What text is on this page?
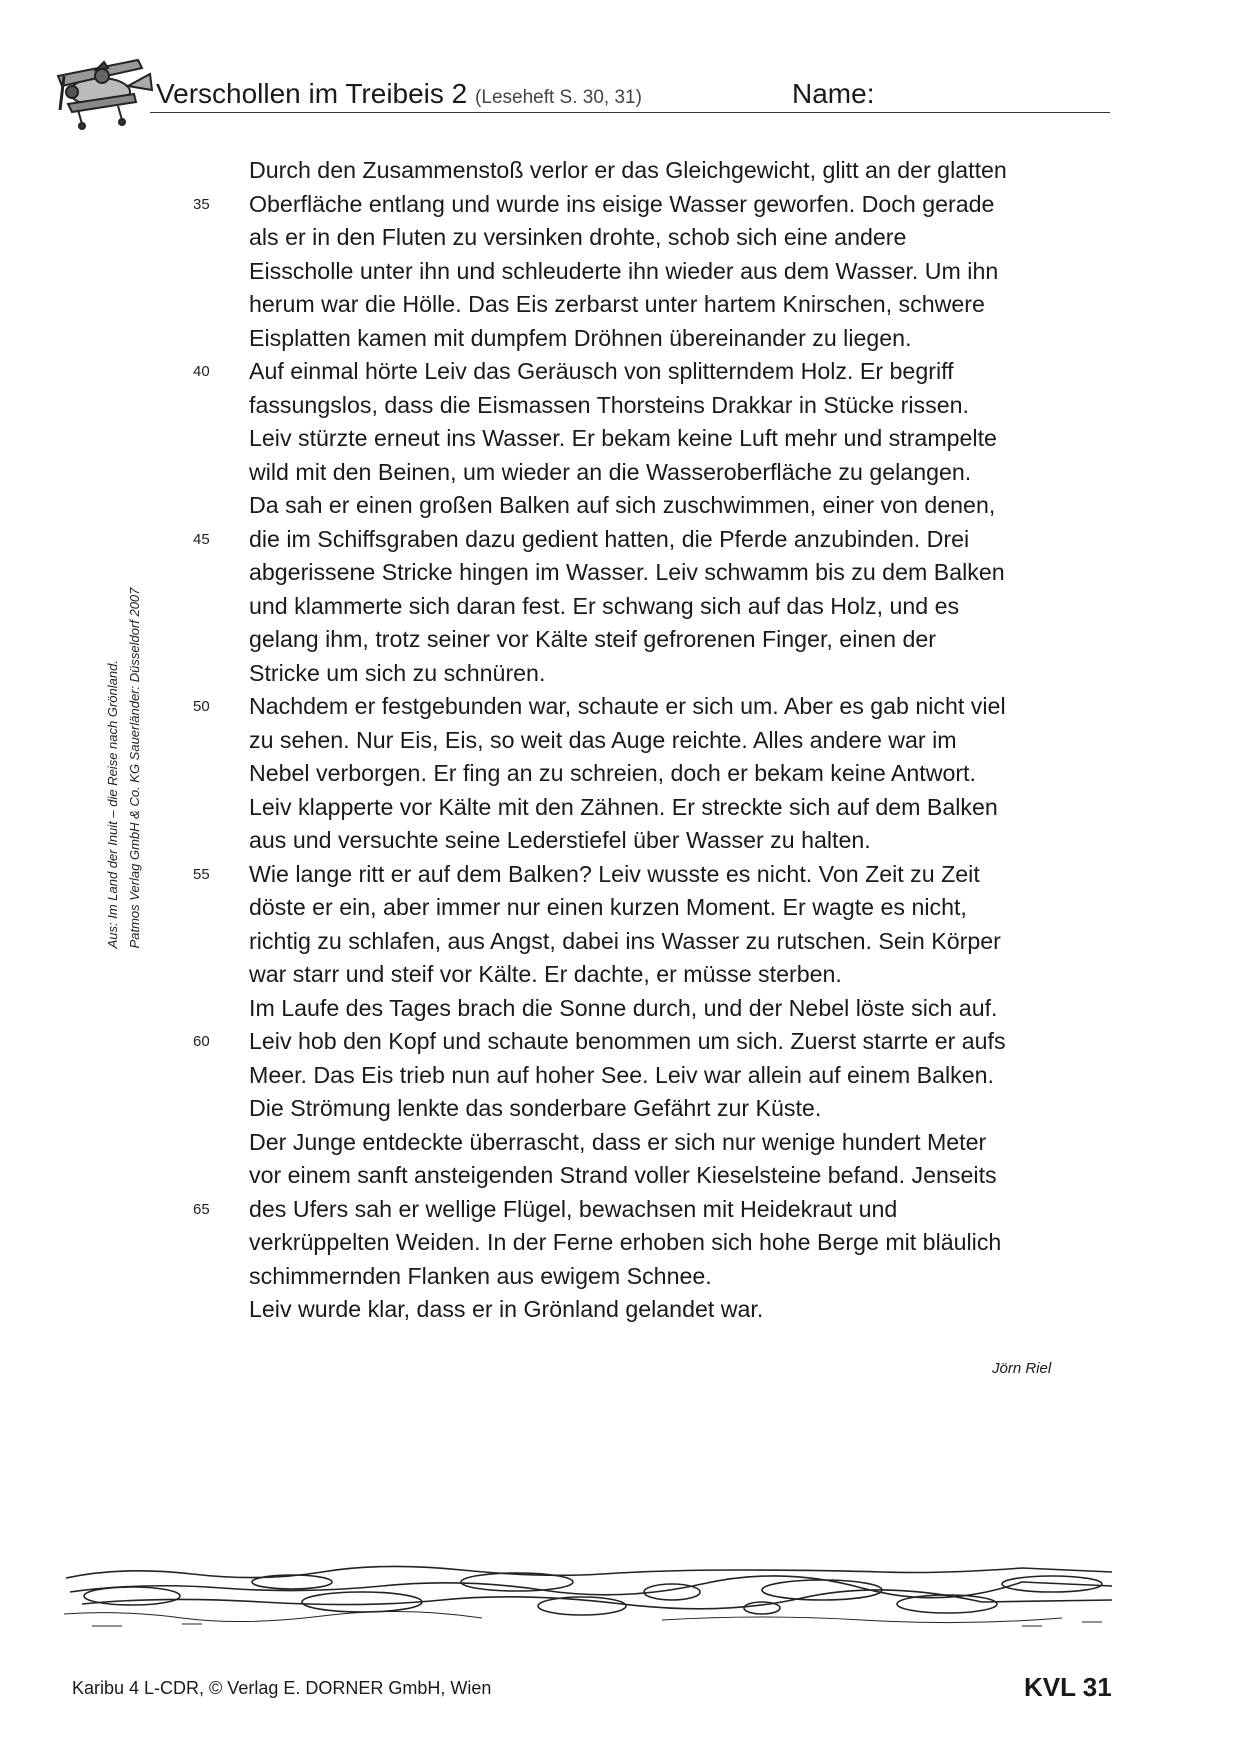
Verschollen im Treibeis 2 (Leseheft S. 30, 31)	Name:
Aus: Im Land der Inuit – die Reise nach Grönland. Patmos Verlag GmbH & Co. KG Sauerländer: Düsseldorf 2007
Durch den Zusammenstoß verlor er das Gleichgewicht, glitt an der glatten
35 Oberfläche entlang und wurde ins eisige Wasser geworfen. Doch gerade
als er in den Fluten zu versinken drohte, schob sich eine andere
Eisscholle unter ihn und schleuderte ihn wieder aus dem Wasser. Um ihn
herum war die Hölle. Das Eis zerbarst unter hartem Knirschen, schwere
Eisplatten kamen mit dumpfem Dröhnen übereinander zu liegen.
40 Auf einmal hörte Leiv das Geräusch von splitterndem Holz. Er begriff
fassungslos, dass die Eismassen Thorsteins Drakkar in Stücke rissen.
Leiv stürzte erneut ins Wasser. Er bekam keine Luft mehr und strampelte
wild mit den Beinen, um wieder an die Wasseroberfläche zu gelangen.
Da sah er einen großen Balken auf sich zuschwimmen, einer von denen,
45 die im Schiffsgraben dazu gedient hatten, die Pferde anzubinden. Drei
abgerissene Stricke hingen im Wasser. Leiv schwamm bis zu dem Balken
und klammerte sich daran fest. Er schwang sich auf das Holz, und es
gelang ihm, trotz seiner vor Kälte steif gefrorenen Finger, einen der
Stricke um sich zu schnüren.
50 Nachdem er festgebunden war, schaute er sich um. Aber es gab nicht viel
zu sehen. Nur Eis, Eis, so weit das Auge reichte. Alles andere war im
Nebel verborgen. Er fing an zu schreien, doch er bekam keine Antwort.
Leiv klapperte vor Kälte mit den Zähnen. Er streckte sich auf dem Balken
aus und versuchte seine Lederstiefel über Wasser zu halten.
55 Wie lange ritt er auf dem Balken? Leiv wusste es nicht. Von Zeit zu Zeit
döste er ein, aber immer nur einen kurzen Moment. Er wagte es nicht,
richtig zu schlafen, aus Angst, dabei ins Wasser zu rutschen. Sein Körper
war starr und steif vor Kälte. Er dachte, er müsse sterben.
Im Laufe des Tages brach die Sonne durch, und der Nebel löste sich auf.
60 Leiv hob den Kopf und schaute benommen um sich. Zuerst starrte er aufs
Meer. Das Eis trieb nun auf hoher See. Leiv war allein auf einem Balken.
Die Strömung lenkte das sonderbare Gefährt zur Küste.
Der Junge entdeckte überrascht, dass er sich nur wenige hundert Meter
vor einem sanft ansteigenden Strand voller Kieselsteine befand. Jenseits
65 des Ufers sah er wellige Flügel, bewachsen mit Heidekraut und
verkrüppelten Weiden. In der Ferne erhoben sich hohe Berge mit bläulich
schimmernden Flanken aus ewigem Schnee.
Leiv wurde klar, dass er in Grönland gelandet war.
Jörn Riel
Karibu 4 L-CDR, © Verlag E. DORNER GmbH, Wien	KVL 31
